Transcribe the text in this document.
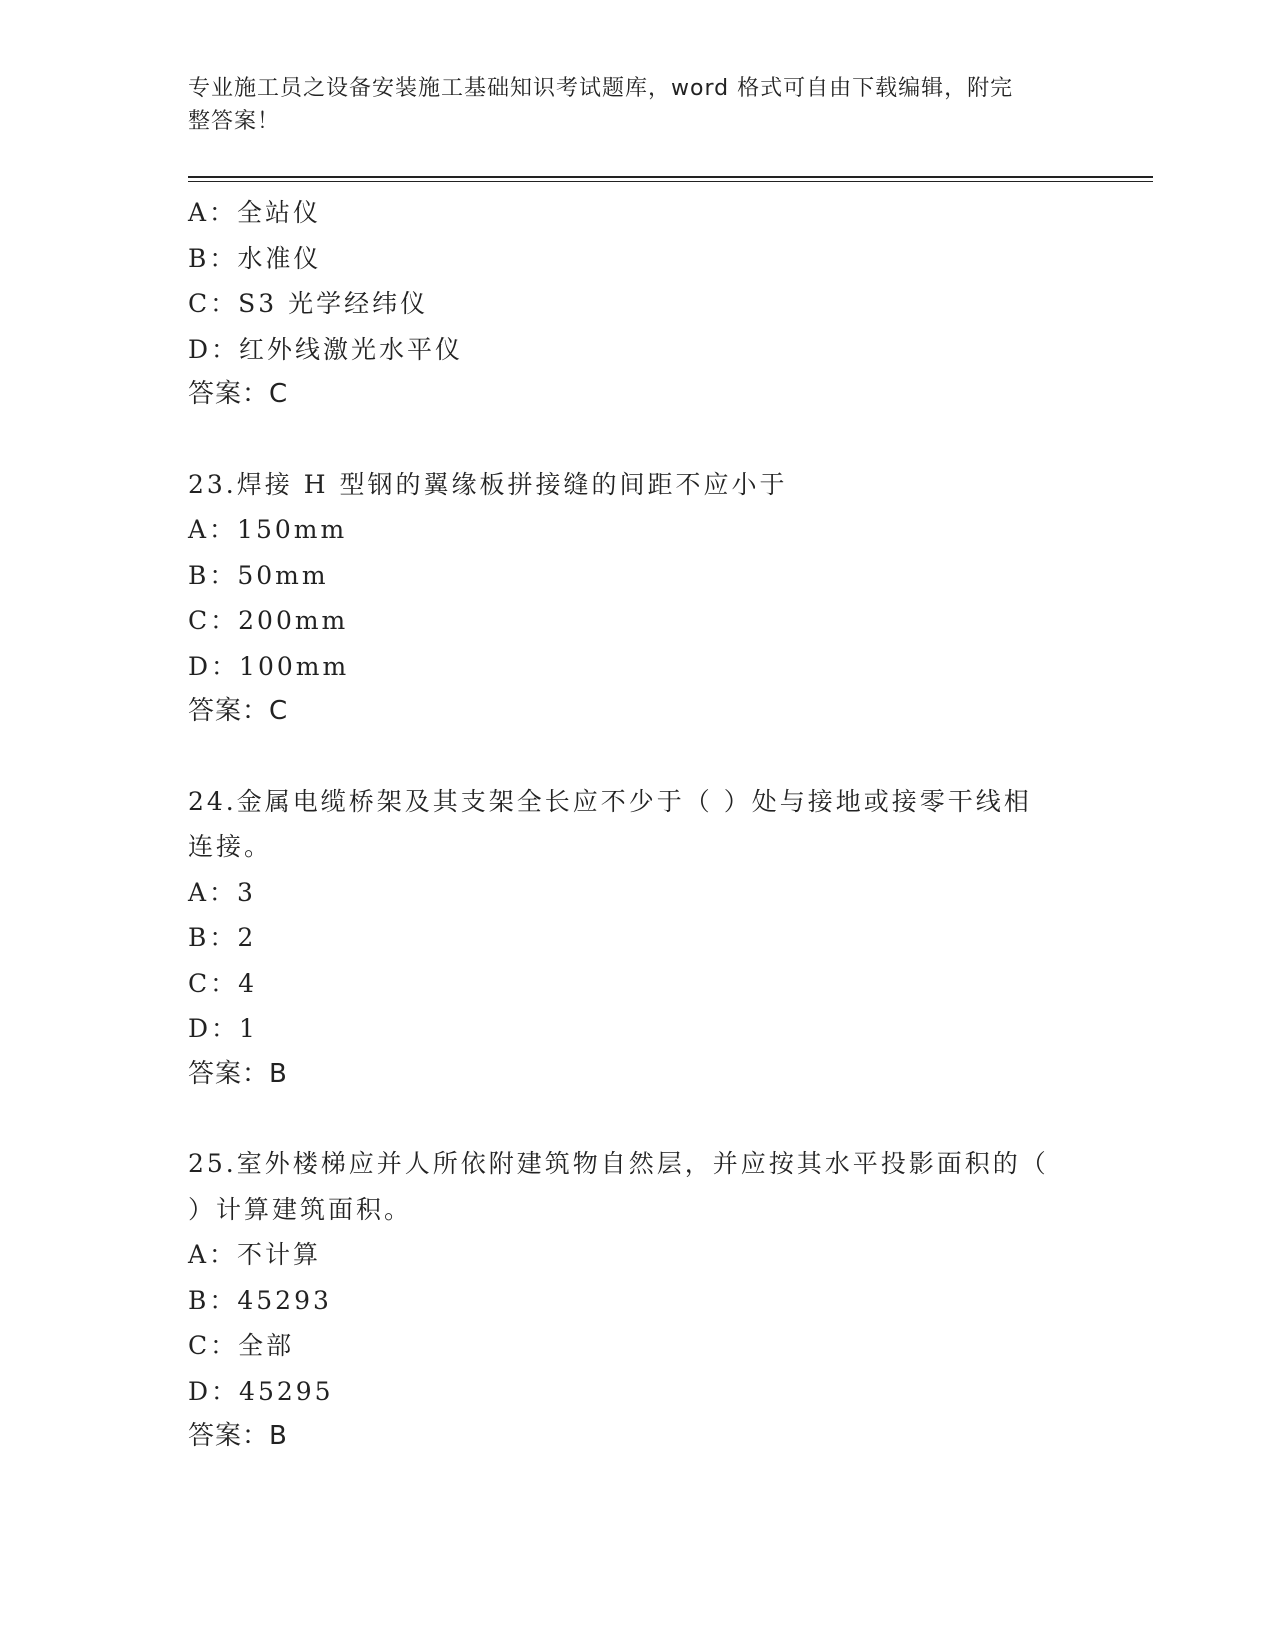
专业施工员之设备安装施工基础知识考试题库，word 格式可自由下载编辑，附完
整答案！
A：全站仪
B：水准仪
C：S3 光学经纬仪
D：红外线激光水平仪
答案：C
23.焊接 H 型钢的翼缘板拼接缝的间距不应小于
A：150mm
B：50mm
C：200mm
D：100mm
答案：C
24.金属电缆桥架及其支架全长应不少于（ ）处与接地或接零干线相
连接。
A：3
B：2
C：4
D：1
答案：B
25.室外楼梯应并人所依附建筑物自然层，并应按其水平投影面积的（
）计算建筑面积。
A：不计算
B：45293
C：全部
D：45295
答案：B
